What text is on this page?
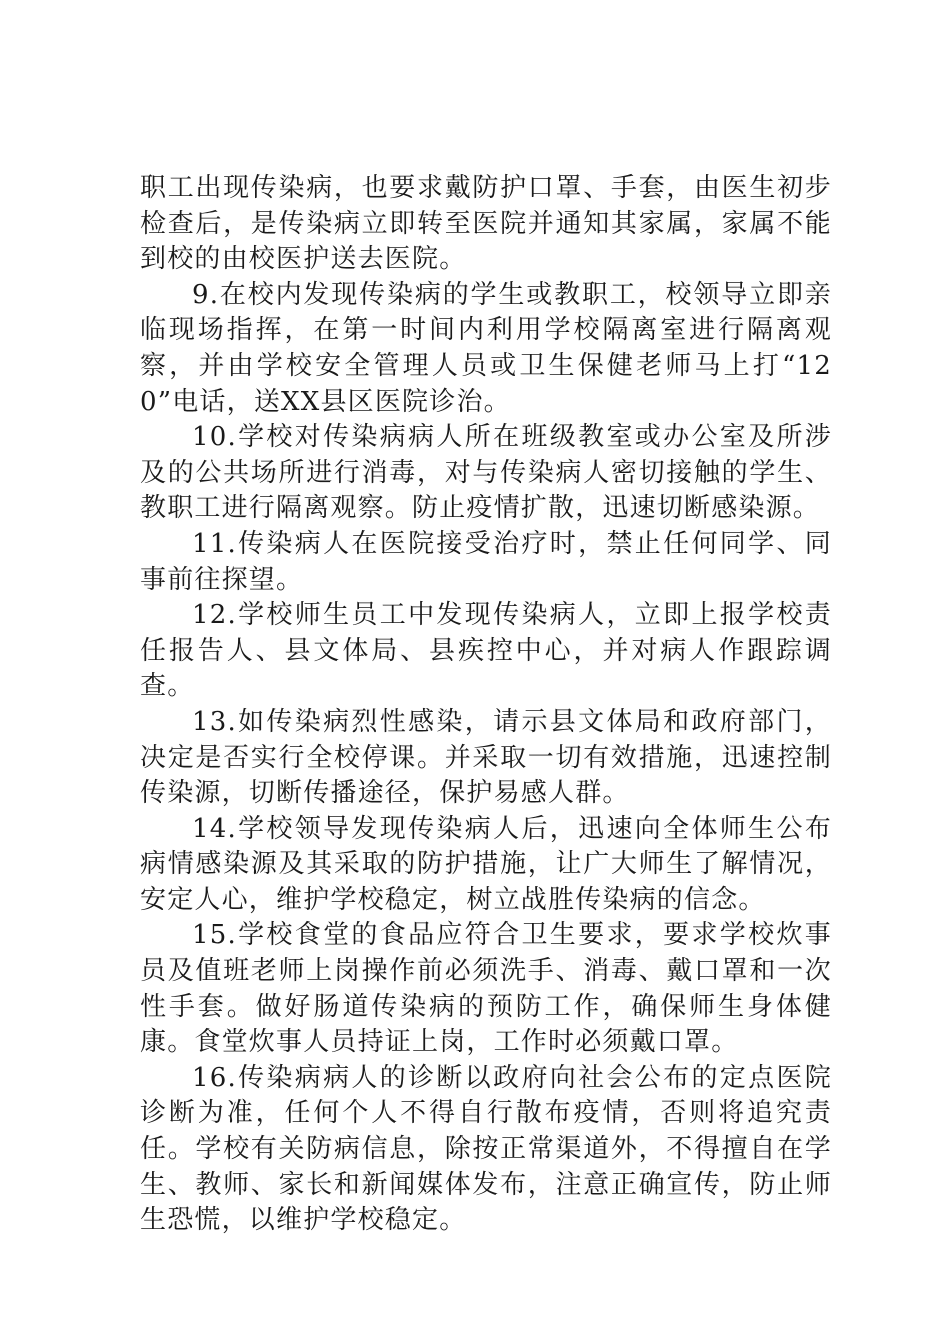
职工出现传染病，也要求戴防护口罩、手套，由医生初步检查后，是传染病立即转至医院并通知其家属，家属不能到校的由校医护送去医院。

9.在校内发现传染病的学生或教职工，校领导立即亲临现场指挥，在第一时间内利用学校隔离室进行隔离观察，并由学校安全管理人员或卫生保健老师马上打“120”电话，送XX县区医院诊治。

10.学校对传染病病人所在班级教室或办公室及所涉及的公共场所进行消毒，对与传染病人密切接触的学生、教职工进行隔离观察。防止疫情扩散，迅速切断感染源。

11.传染病人在医院接受治疗时，禁止任何同学、同事前往探望。

12.学校师生员工中发现传染病人，立即上报学校责任报告人、县文体局、县疾控中心，并对病人作跟踪调查。

13.如传染病烈性感染，请示县文体局和政府部门，决定是否实行全校停课。并采取一切有效措施，迅速控制传染源，切断传播途径，保护易感人群。

14.学校领导发现传染病人后，迅速向全体师生公布病情感染源及其采取的防护措施，让广大师生了解情况，安定人心，维护学校稳定，树立战胜传染病的信念。

15.学校食堂的食品应符合卫生要求，要求学校炊事员及值班老师上岗操作前必须洗手、消毒、戴口罩和一次性手套。做好肠道传染病的预防工作，确保师生身体健康。食堂炊事人员持证上岗，工作时必须戴口罩。

16.传染病病人的诊断以政府向社会公布的定点医院诊断为准，任何个人不得自行散布疫情，否则将追究责任。学校有关防病信息，除按正常渠道外，不得擅自在学生、教师、家长和新闻媒体发布，注意正确宣传，防止师生恐慌，以维护学校稳定。
